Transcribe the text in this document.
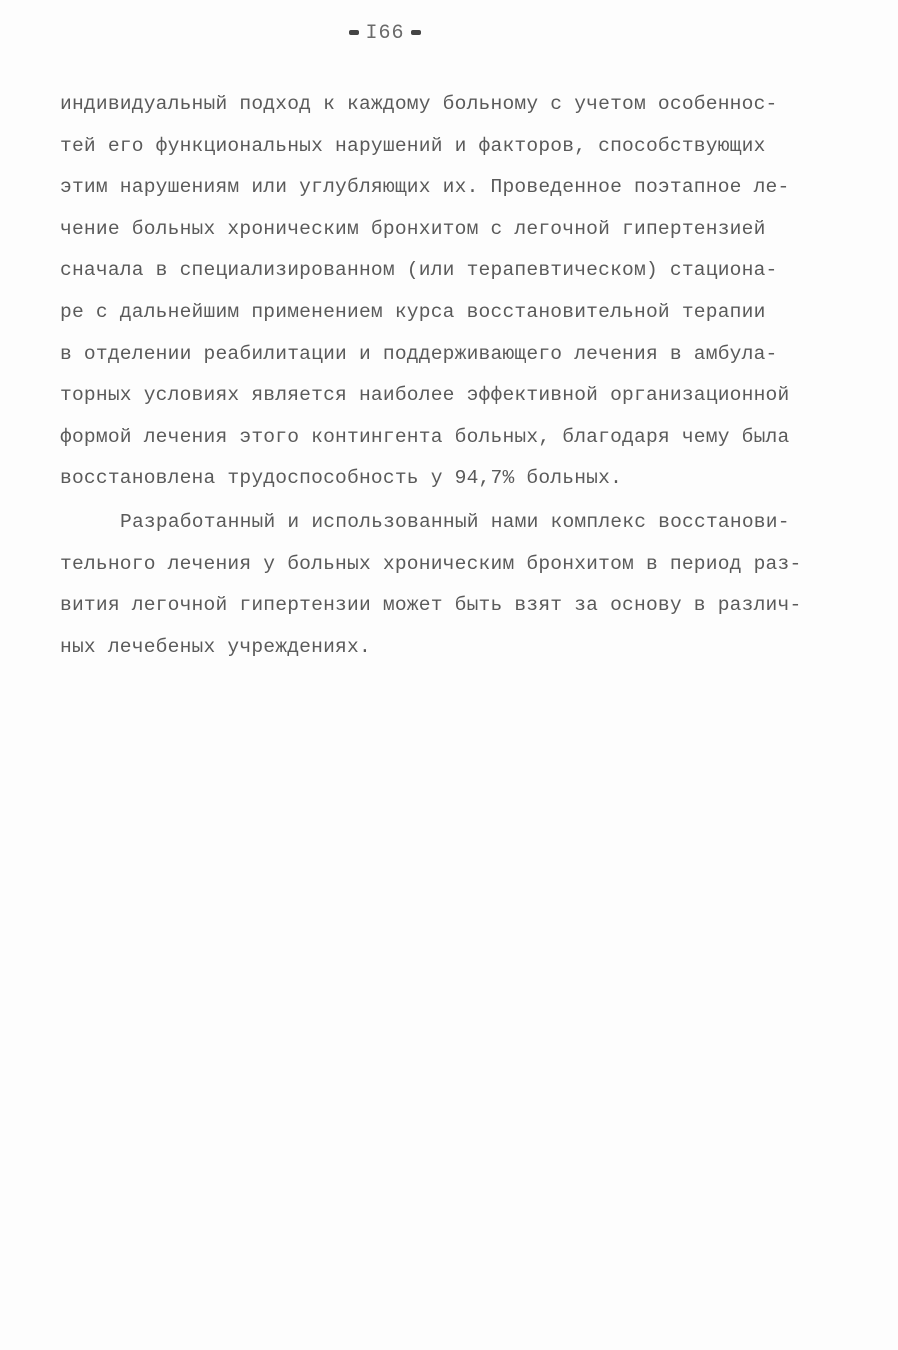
I66
индивидуальный подход к каждому больному с учетом особеннос-
тей его функциональных нарушений и факторов, способствующих
этим нарушениям или углубляющих их. Проведенное поэтапное ле-
чение больных хроническим бронхитом с легочной гипертензией
сначала в специализированном (или терапевтическом) стациона-
ре с дальнейшим применением курса восстановительной терапии
в отделении реабилитации и поддерживающего лечения в амбула-
торных условиях является наиболее эффективной организационной
формой лечения этого контингента больных, благодаря чему была
восстановлена трудоспособность у 94,7% больных.
Разработанный и использованный нами комплекс восстанови-
тельного лечения у больных хроническим бронхитом в период раз-
вития легочной гипертензии может быть взят за основу в различ-
ных лечебеных учреждениях.
